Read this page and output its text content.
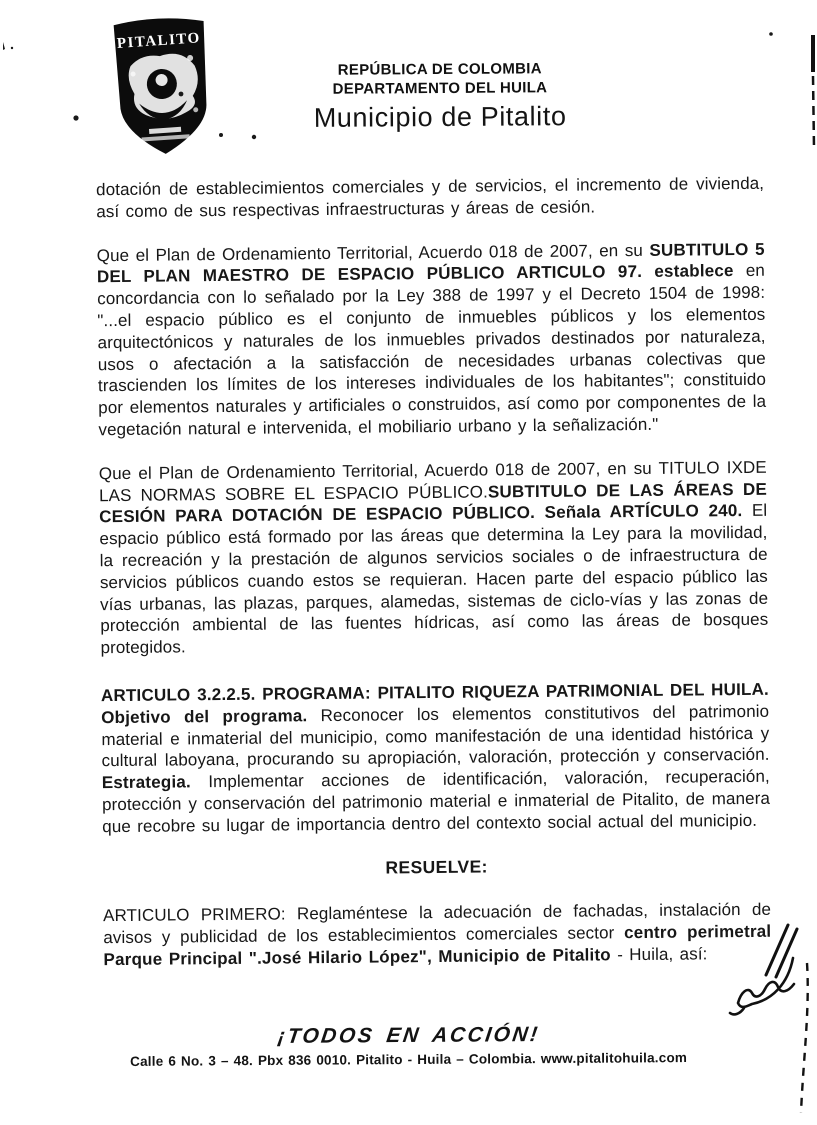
PITALITO
REPÚBLICA DE COLOMBIA
DEPARTAMENTO DEL HUILA
Municipio de Pitalito

dotación de establecimientos comerciales y de servicios, el incremento de vivienda, así como de sus respectivas infraestructuras y áreas de cesión.

Que el Plan de Ordenamiento Territorial, Acuerdo 018 de 2007, en su SUBTITULO 5 DEL PLAN MAESTRO DE ESPACIO PÚBLICO ARTICULO 97. establece en concordancia con lo señalado por la Ley 388 de 1997 y el Decreto 1504 de 1998: "...el espacio público es el conjunto de inmuebles públicos y los elementos arquitectónicos y naturales de los inmuebles privados destinados por naturaleza, usos o afectación a la satisfacción de necesidades urbanas colectivas que trascienden los límites de los intereses individuales de los habitantes"; constituido por elementos naturales y artificiales o construidos, así como por componentes de la vegetación natural e intervenida, el mobiliario urbano y la señalización."

Que el Plan de Ordenamiento Territorial, Acuerdo 018 de 2007, en su TITULO IXDE LAS NORMAS SOBRE EL ESPACIO PÚBLICO.SUBTITULO DE LAS ÁREAS DE CESIÓN PARA DOTACIÓN DE ESPACIO PÚBLICO. Señala ARTÍCULO 240. El espacio público está formado por las áreas que determina la Ley para la movilidad, la recreación y la prestación de algunos servicios sociales o de infraestructura de servicios públicos cuando estos se requieran. Hacen parte del espacio público las vías urbanas, las plazas, parques, alamedas, sistemas de ciclo-vías y las zonas de protección ambiental de las fuentes hídricas, así como las áreas de bosques protegidos.

ARTICULO 3.2.2.5. PROGRAMA: PITALITO RIQUEZA PATRIMONIAL DEL HUILA. Objetivo del programa. Reconocer los elementos constitutivos del patrimonio material e inmaterial del municipio, como manifestación de una identidad histórica y cultural laboyana, procurando su apropiación, valoración, protección y conservación. Estrategia. Implementar acciones de identificación, valoración, recuperación, protección y conservación del patrimonio material e inmaterial de Pitalito, de manera que recobre su lugar de importancia dentro del contexto social actual del municipio.

RESUELVE:

ARTICULO PRIMERO: Reglaméntese la adecuación de fachadas, instalación de avisos y publicidad de los establecimientos comerciales sector centro perimetral Parque Principal ".José Hilario López", Municipio de Pitalito - Huila, así:

¡TODOS EN ACCIÓN!
Calle 6 No. 3 – 48. Pbx 836 0010. Pitalito - Huila – Colombia. www.pitalitohuila.com
